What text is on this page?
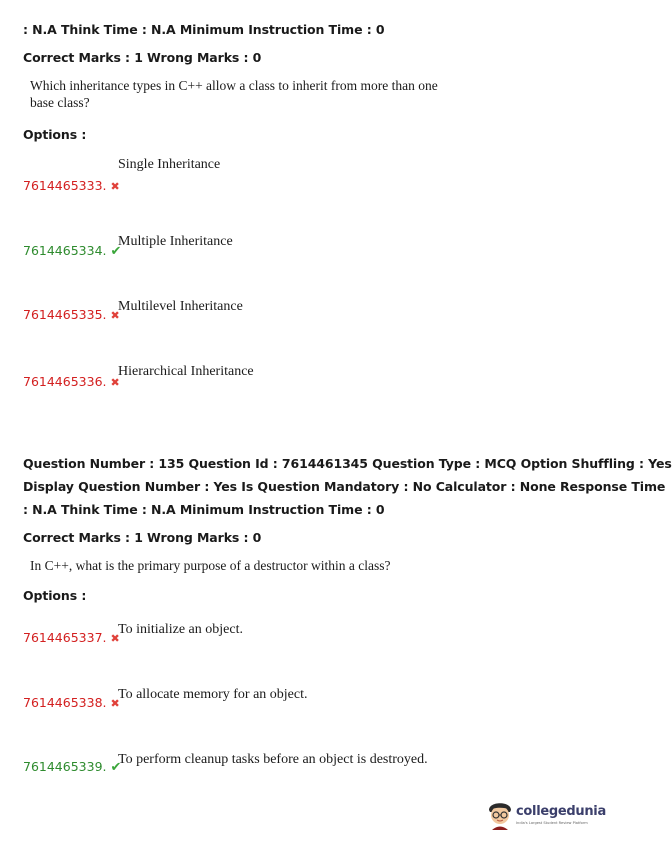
: N.A Think Time : N.A Minimum Instruction Time : 0
Correct Marks : 1 Wrong Marks : 0
Which inheritance types in C++ allow a class to inherit from more than one
base class?
Options :
Single Inheritance
7614465333. ✖
Multiple Inheritance
7614465334. ✔
Multilevel Inheritance
7614465335. ✖
Hierarchical Inheritance
7614465336. ✖
Question Number : 135 Question Id : 7614461345 Question Type : MCQ Option Shuffling : Yes
Display Question Number : Yes Is Question Mandatory : No Calculator : None Response Time
: N.A Think Time : N.A Minimum Instruction Time : 0
Correct Marks : 1 Wrong Marks : 0
In C++, what is the primary purpose of a destructor within a class?
Options :
To initialize an object.
7614465337. ✖
To allocate memory for an object.
7614465338. ✖
To perform cleanup tasks before an object is destroyed.
7614465339. ✔
collegedunia
India's Largest Student Review Platform
